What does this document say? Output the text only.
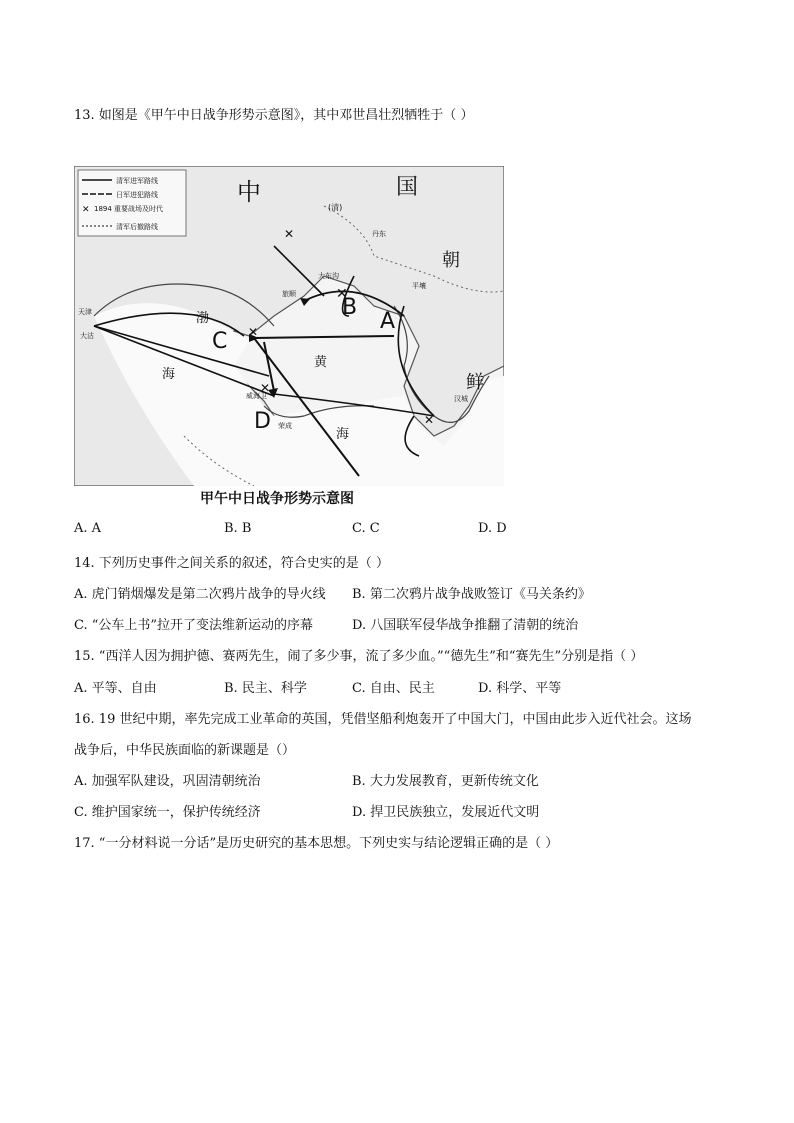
13. 如图是《甲午中日战争形势示意图》，其中邓世昌壮烈牺牲于（ ）
清军进军路线
日军进犯路线
✕ 1894 重要战场及时代
清军后撤路线
中	国
朝
鲜
渤
海
黄
海
(清)
丹东
旅顺
大东沟
天津
大沽
威海卫
荣成
汉城
平壤
✕
✕
✕
✕
✕
A
B
C
D
甲午中日战争形势示意图
A. A	B. B	C. C	D. D
14. 下列历史事件之间关系的叙述，符合史实的是（ ）
A. 虎门销烟爆发是第二次鸦片战争的导火线 B. 第二次鸦片战争战败签订《马关条约》
C. “公车上书”拉开了变法维新运动的序幕	D. 八国联军侵华战争推翻了清朝的统治
15. “西洋人因为拥护德、赛两先生，闹了多少事，流了多少血。”“德先生”和“赛先生”分别是指（ ）
A. 平等、自由	B. 民主、科学	C. 自由、民主	D. 科学、平等
16. 19 世纪中期，率先完成工业革命的英国，凭借坚船利炮轰开了中国大门，中国由此步入近代社会。这场
战争后，中华民族面临的新课题是（）
A. 加强军队建设，巩固清朝统治	B. 大力发展教育，更新传统文化
C. 维护国家统一，保护传统经济	D. 捍卫民族独立，发展近代文明
17. “一分材料说一分话”是历史研究的基本思想。下列史实与结论逻辑正确的是（ ）
